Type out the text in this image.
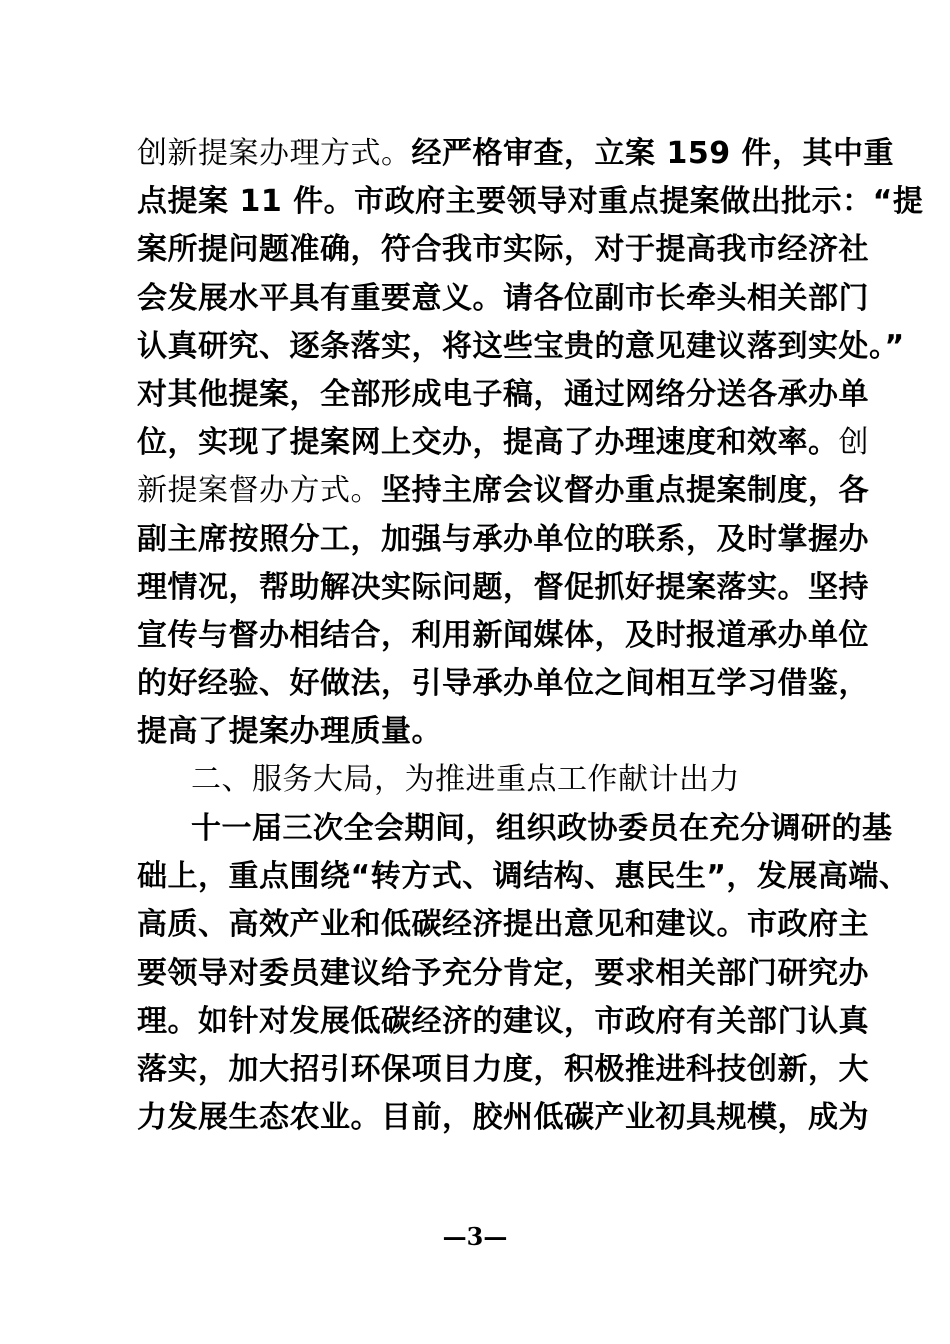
创新提案办理方式。经严格审查，立案 159 件，其中重
点提案 11 件。市政府主要领导对重点提案做出批示：“提
案所提问题准确，符合我市实际，对于提高我市经济社
会发展水平具有重要意义。请各位副市长牵头相关部门
认真研究、逐条落实，将这些宝贵的意见建议落到实处。”
对其他提案，全部形成电子稿，通过网络分送各承办单
位，实现了提案网上交办，提高了办理速度和效率。创
新提案督办方式。坚持主席会议督办重点提案制度，各
副主席按照分工，加强与承办单位的联系，及时掌握办
理情况，帮助解决实际问题，督促抓好提案落实。坚持
宣传与督办相结合，利用新闻媒体，及时报道承办单位
的好经验、好做法，引导承办单位之间相互学习借鉴，
提高了提案办理质量。
二、服务大局，为推进重点工作献计出力
十一届三次全会期间，组织政协委员在充分调研的基
础上，重点围绕“转方式、调结构、惠民生”，发展高端、
高质、高效产业和低碳经济提出意见和建议。市政府主
要领导对委员建议给予充分肯定，要求相关部门研究办
理。如针对发展低碳经济的建议，市政府有关部门认真
落实，加大招引环保项目力度，积极推进科技创新，大
力发展生态农业。目前，胶州低碳产业初具规模，成为
—3—
